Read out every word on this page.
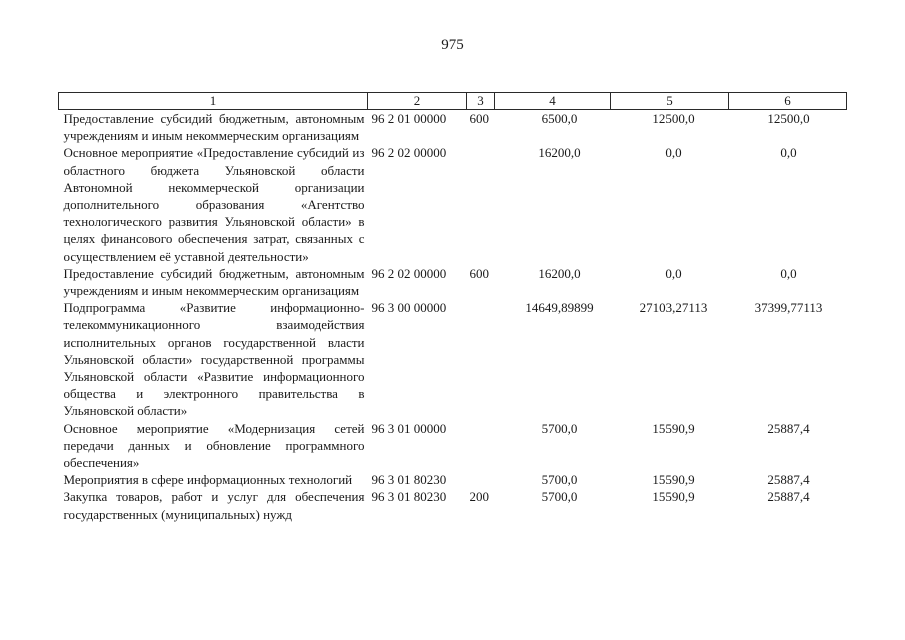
975
1	2	3	4	5	6
Предоставление субсидий бюджетным, автономным учреждениям и иным некоммерческим организациям	96 2 01 00000	600	6500,0	12500,0	12500,0
Основное мероприятие «Предоставление субсидий из областного бюджета Ульяновской области Автономной некоммерческой организации дополнительного образования «Агентство технологического развития Ульяновской области» в целях финансового обеспечения затрат, связанных с осуществлением её уставной деятельности»	96 2 02 00000		16200,0	0,0	0,0
Предоставление субсидий бюджетным, автономным учреждениям и иным некоммерческим организациям	96 2 02 00000	600	16200,0	0,0	0,0
Подпрограмма «Развитие информационно-телекоммуникационного взаимодействия исполнительных органов государственной власти Ульяновской области» государственной программы Ульяновской области «Развитие информационного общества и электронного правительства в Ульяновской области»	96 3 00 00000		14649,89899	27103,27113	37399,77113
Основное мероприятие «Модернизация сетей передачи данных и обновление программного обеспечения»	96 3 01 00000		5700,0	15590,9	25887,4
Мероприятия в сфере информационных технологий	96 3 01 80230		5700,0	15590,9	25887,4
Закупка товаров, работ и услуг для обеспечения государственных (муниципальных) нужд	96 3 01 80230	200	5700,0	15590,9	25887,4
